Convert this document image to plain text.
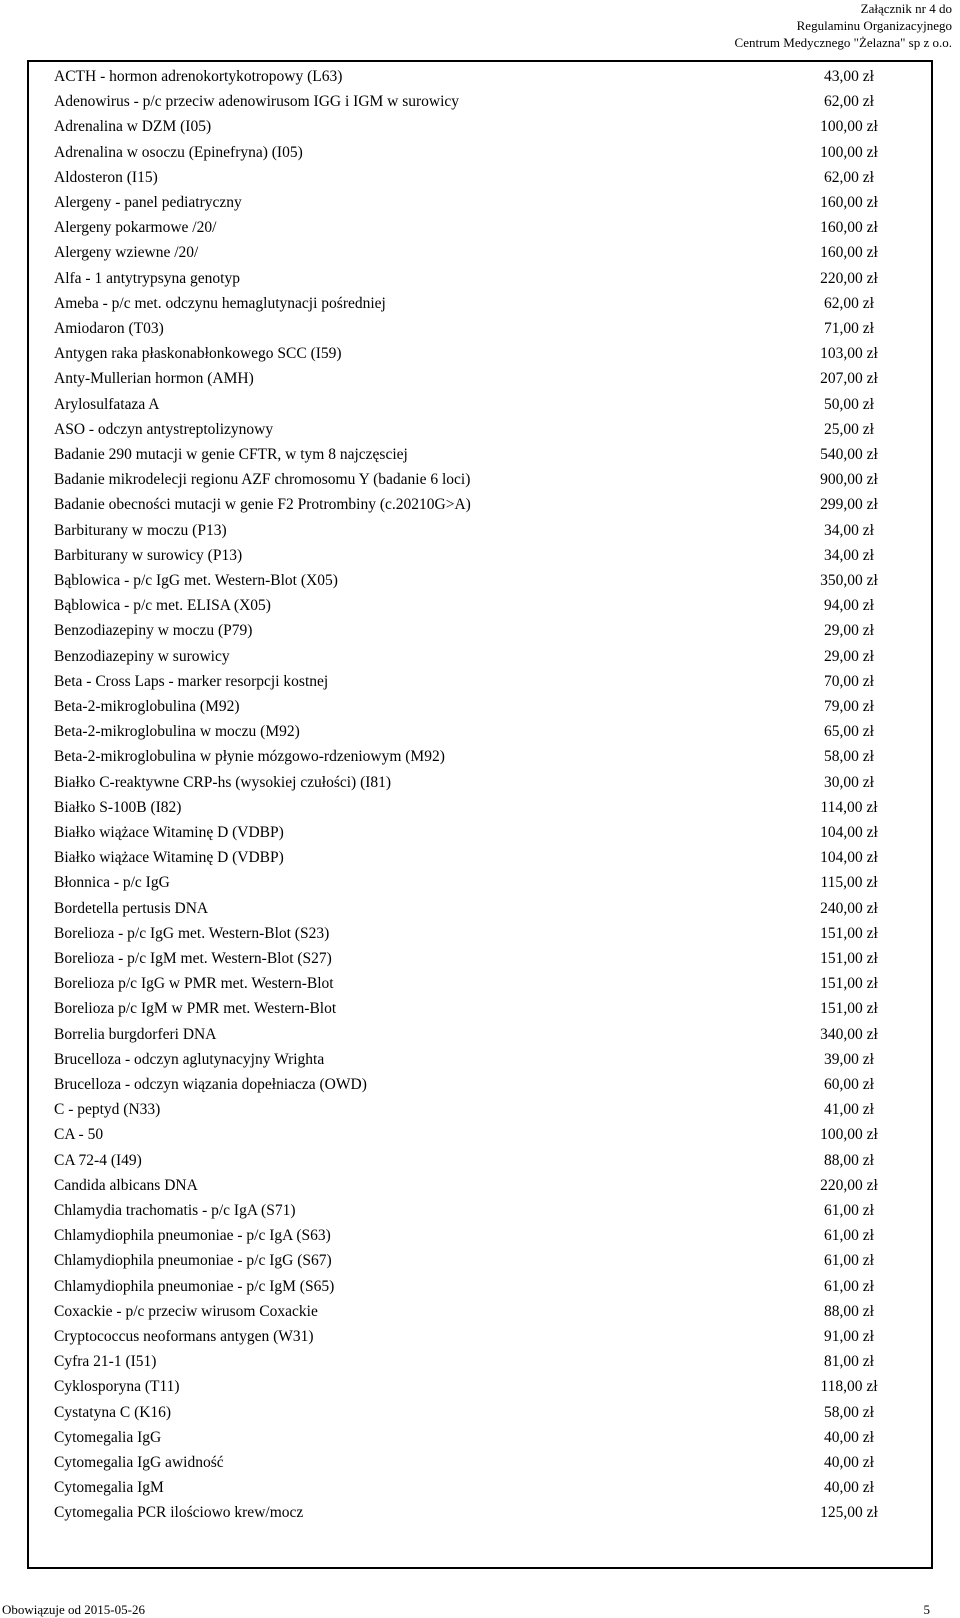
Załącznik nr 4 do
Regulaminu Organizacyjnego
Centrum Medycznego "Żelazna" sp z o.o.
ACTH - hormon adrenokortykotropowy (L63)	43,00 zł
Adenowirus - p/c przeciw adenowirusom IGG i IGM w surowicy	62,00 zł
Adrenalina w DZM (I05)	100,00 zł
Adrenalina w osoczu (Epinefryna) (I05)	100,00 zł
Aldosteron (I15)	62,00 zł
Alergeny - panel pediatryczny	160,00 zł
Alergeny pokarmowe /20/	160,00 zł
Alergeny wziewne /20/	160,00 zł
Alfa - 1 antytrypsyna genotyp	220,00 zł
Ameba - p/c met. odczynu hemaglutynacji pośredniej	62,00 zł
Amiodaron (T03)	71,00 zł
Antygen raka płaskonabłonkowego SCC (I59)	103,00 zł
Anty-Mullerian hormon (AMH)	207,00 zł
Arylosulfataza A	50,00 zł
ASO - odczyn antystreptolizynowy	25,00 zł
Badanie 290 mutacji w genie CFTR, w tym 8 najczęsciej	540,00 zł
Badanie mikrodelecji regionu AZF chromosomu Y (badanie 6 loci)	900,00 zł
Badanie obecności mutacji w genie F2 Protrombiny (c.20210G>A)	299,00 zł
Barbiturany w moczu (P13)	34,00 zł
Barbiturany w surowicy (P13)	34,00 zł
Bąblowica - p/c IgG met. Western-Blot (X05)	350,00 zł
Bąblowica - p/c met. ELISA (X05)	94,00 zł
Benzodiazepiny w moczu (P79)	29,00 zł
Benzodiazepiny w surowicy	29,00 zł
Beta - Cross Laps - marker resorpcji kostnej	70,00 zł
Beta-2-mikroglobulina (M92)	79,00 zł
Beta-2-mikroglobulina w moczu (M92)	65,00 zł
Beta-2-mikroglobulina w płynie mózgowo-rdzeniowym (M92)	58,00 zł
Białko C-reaktywne CRP-hs (wysokiej czułości) (I81)	30,00 zł
Białko S-100B (I82)	114,00 zł
Białko wiążace Witaminę D (VDBP)	104,00 zł
Białko wiążace Witaminę D (VDBP)	104,00 zł
Błonnica - p/c IgG	115,00 zł
Bordetella pertusis DNA	240,00 zł
Borelioza - p/c IgG met. Western-Blot (S23)	151,00 zł
Borelioza - p/c IgM met. Western-Blot (S27)	151,00 zł
Borelioza p/c IgG w PMR met. Western-Blot	151,00 zł
Borelioza p/c IgM w PMR met. Western-Blot	151,00 zł
Borrelia burgdorferi DNA	340,00 zł
Brucelloza - odczyn aglutynacyjny Wrighta	39,00 zł
Brucelloza - odczyn wiązania dopełniacza (OWD)	60,00 zł
C - peptyd (N33)	41,00 zł
CA - 50	100,00 zł
CA 72-4 (I49)	88,00 zł
Candida albicans DNA	220,00 zł
Chlamydia trachomatis - p/c IgA (S71)	61,00 zł
Chlamydiophila pneumoniae - p/c IgA (S63)	61,00 zł
Chlamydiophila pneumoniae - p/c IgG (S67)	61,00 zł
Chlamydiophila pneumoniae - p/c IgM (S65)	61,00 zł
Coxackie - p/c przeciw wirusom Coxackie	88,00 zł
Cryptococcus neoformans antygen (W31)	91,00 zł
Cyfra 21-1 (I51)	81,00 zł
Cyklosporyna (T11)	118,00 zł
Cystatyna C (K16)	58,00 zł
Cytomegalia IgG	40,00 zł
Cytomegalia IgG awidność	40,00 zł
Cytomegalia IgM	40,00 zł
Cytomegalia PCR ilościowo krew/mocz	125,00 zł
Obowiązuje od 2015-05-26	5
